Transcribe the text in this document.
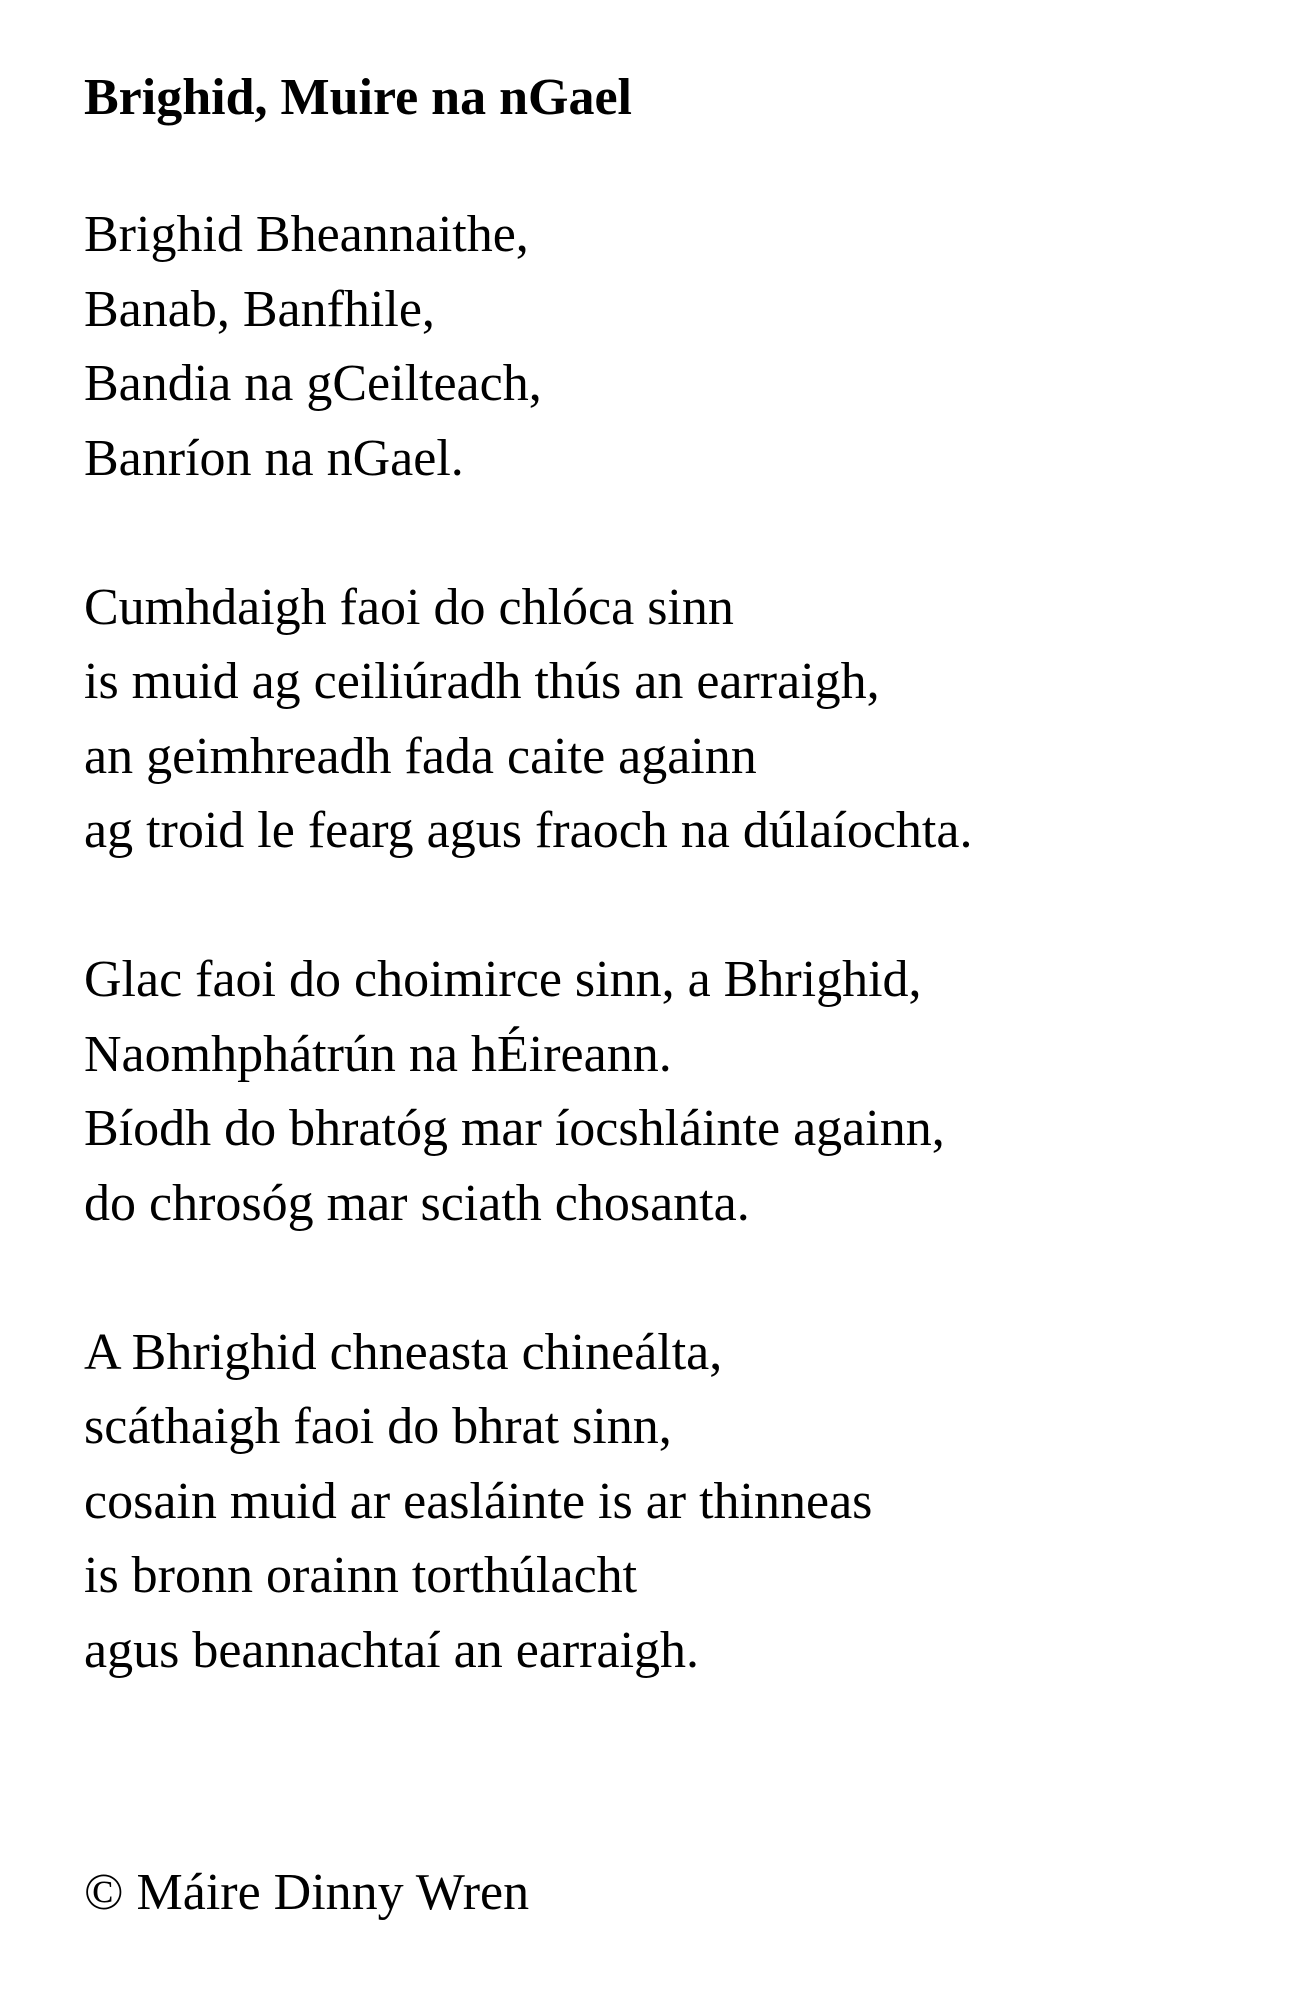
Brighid, Muire na nGael
Brighid Bheannaithe,
Banab, Banfhile,
Bandia na gCeilteach,
Banríon na nGael.
Cumhdaigh faoi do chlóca sinn
is muid ag ceiliúradh thús an earraigh,
an geimhreadh fada caite againn
ag troid le fearg agus fraoch na dúlaíochta.
Glac faoi do choimirce sinn, a Bhrighid,
Naomhphátrún na hÉireann.
Bíodh do bhratóg mar íocshláinte againn,
do chrosóg mar sciath chosanta.
A Bhrighid chneasta chineálta,
scáthaigh faoi do bhrat sinn,
cosain muid ar easláinte is ar thinneas
is bronn orainn torthúlacht
agus beannachtaí an earraigh.
© Máire Dinny Wren
